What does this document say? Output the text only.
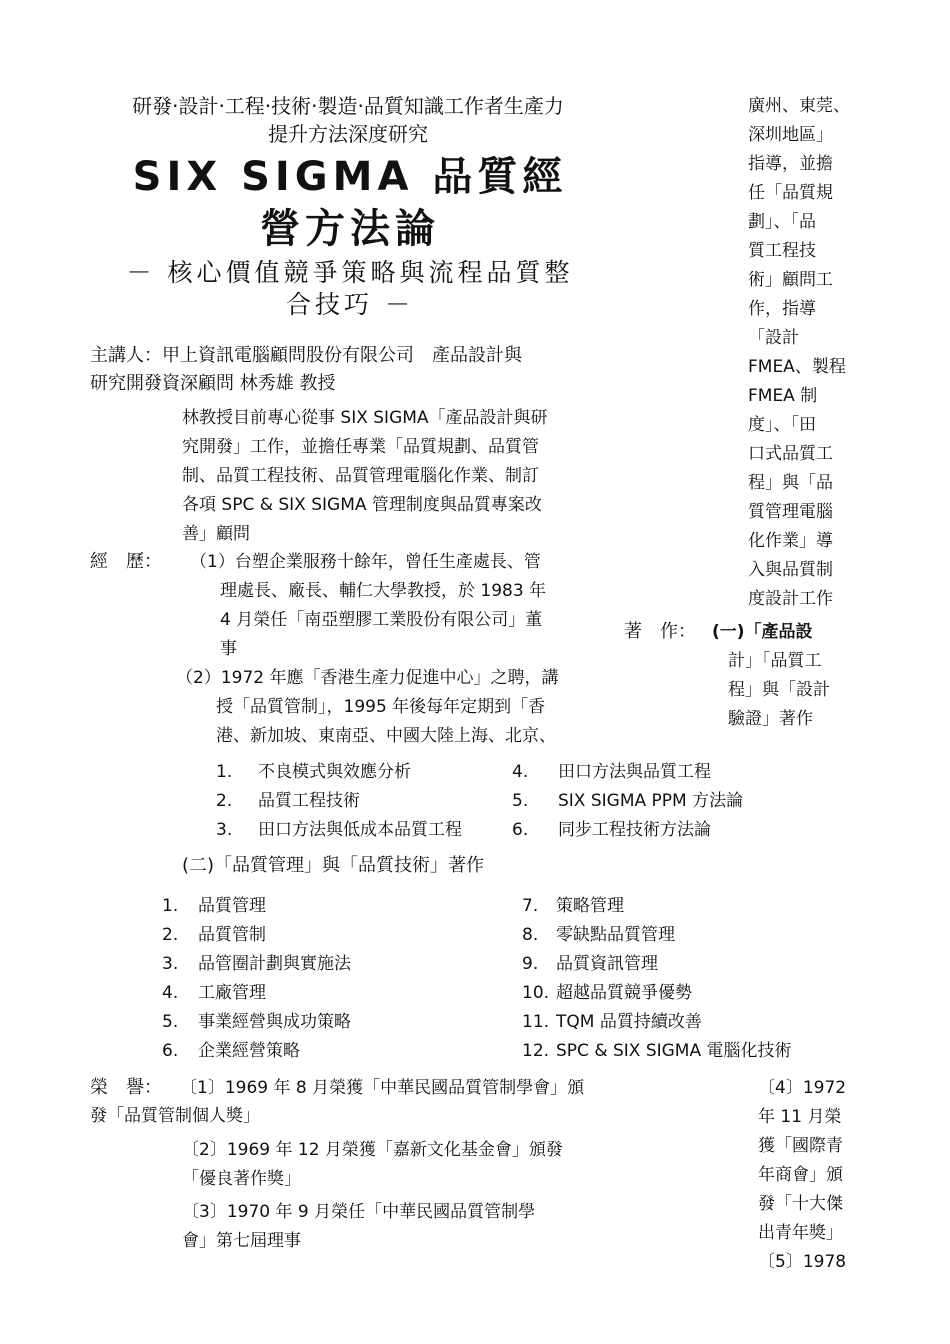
研發‧設計‧工程‧技術‧製造‧品質知識工作者生產力
提升方法深度研究
SIX SIGMA 品質經
營方法論
－ 核心價值競爭策略與流程品質整
合技巧 －
主講人：甲上資訊電腦顧問股份有限公司　產品設計與
研究開發資深顧問 林秀雄 教授
林教授目前專心從事 SIX SIGMA「產品設計與研
究開發」工作，並擔任專業「品質規劃、品質管
制、品質工程技術、品質管理電腦化作業、制訂
各項 SPC & SIX SIGMA 管理制度與品質專案改
善」顧問
經　歷： （1）台塑企業服務十餘年，曾任生產處長、管
理處長、廠長、輔仁大學教授，於 1983 年
4 月榮任「南亞塑膠工業股份有限公司」董
事
（2）1972 年應「香港生產力促進中心」之聘，講
授「品質管制」，1995 年後每年定期到「香
港、新加坡、東南亞、中國大陸上海、北京、
廣州、東莞、
深圳地區」
指導，並擔
任「品質規
劃」、「品
質工程技
術」顧問工
作，指導
「設計
FMEA、製程
FMEA 制
度」、「田
口式品質工
程」與「品
質管理電腦
化作業」導
入與品質制
度設計工作
著　作： (一)「產品設
計」「品質工
程」與「設計
驗證」著作
1.	不良模式與效應分析
2.	品質工程技術
3.	田口方法與低成本品質工程
4.	田口方法與品質工程
5.	SIX SIGMA PPM 方法論
6.	同步工程技術方法論
(二)「品質管理」與「品質技術」著作
1.	品質管理
2.	品質管制
3.	品管圈計劃與實施法
4.	工廠管理
5.	事業經營與成功策略
6.	企業經營策略
7.	策略管理
8.	零缺點品質管理
9.	品質資訊管理
10. 超越品質競爭優勢
11. TQM 品質持續改善
12. SPC & SIX SIGMA 電腦化技術
榮　譽： 〔1〕1969 年 8 月榮獲「中華民國品質管制學會」頒
發「品質管制個人獎」
〔2〕1969 年 12 月榮獲「嘉新文化基金會」頒發
「優良著作獎」
〔3〕1970 年 9 月榮任「中華民國品質管制學
會」第七屆理事
〔4〕1972
年 11 月榮
獲「國際青
年商會」頒
發「十大傑
出青年獎」
〔5〕1978
